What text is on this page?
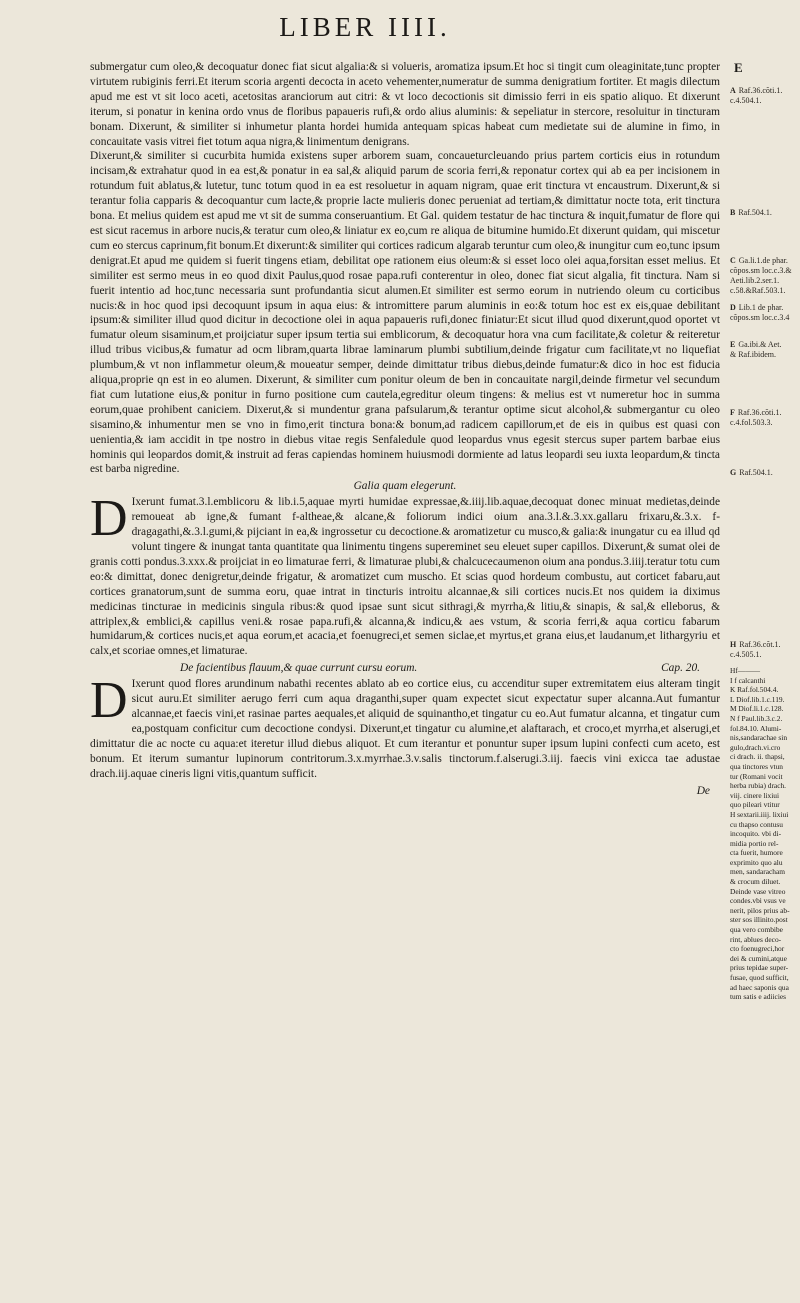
LIBER IIII.
E

submergatur cum oleo,& decoquatur donec fiat sicut algalia:& si volueris, aromatiza ipsum.Et hoc si tingit cum oleaginitate,tunc propter virtutem rubiginis ferri.Et iterum scoria argenti decocta in aceto vehementer,numeratur de summa denigratium fortiter. Et magis dilectum apud me est vt sit loco aceti, acetositas aranciorum aut citri: & vt loco decoctionis sit dimissio ferri in eis spatio aliquo. Et dixerunt iterum, si ponatur in kenina ordo vnus de floribus papaueris rufi,& ordo alius aluminis: & sepeliatur in stercore, resoluitur in tincturam bonam. Dixerunt, & similiter si inhumetur planta hordei humida antequam spicas habeat cum medietate sui de alumine in fimo, in concauitate vasis vitrei fiet totum aqua nigra,& linimentum denigrans.

Dixerunt,& similiter si cucurbita humida existens super arborem suam, concaueturcleuando prius partem corticis eius in rotundum incisam,& extrahatur quod in ea est,& ponatur in ea sal,& aliquid parum de scoria ferri,& reponatur cortex qui ab ea per incisionem in rotundum fuit ablatus,& lutetur, tunc totum quod in ea est resoluetur in aquam nigram, quae erit tinctura vt encaustrum. Dixerunt,& si terantur folia capparis & decoquantur cum lacte,& proprie lacte mulieris donec perueniat ad tertiam,& dimittatur nocte tota, erit tinctura bona. Et melius quidem est apud me vt sit de summa conseruantium. Et Gal. quidem testatur de hac tinctura & inquit,fumatur de flore qui est sicut racemus in arbore nucis,& teratur cum oleo,& liniatur ex eo,cum re aliqua de bitumine humido.Et dixerunt quidam, qui miscetur cum eo stercus caprinum,fit bonum.Et dixerunt:& similiter qui cortices radicum algarab teruntur cum oleo,& inungitur cum eo,tunc ipsum denigrat.Et apud me quidem si fuerit tingens etiam, debilitat ope rationem eius oleum:& si esset loco olei aqua,forsitan esset melius. Et similiter est sermo meus in eo quod dixit Paulus,quod rosae papa.rufi conterentur in oleo, donec fiat sicut algalia, fit tinctura. Nam si fuerit intentio ad hoc,tunc necessaria sunt profundantia sicut alumen.Et similiter est sermo eorum in nutriendo oleum cu corticibus nucis:& in hoc quod ipsi decoquunt ipsum in aqua eius: & intromittere parum aluminis in eo:& totum hoc est ex eis,quae debilitant ipsum:& similiter illud quod dicitur in decoctione olei in aqua papaueris rufi,donec finiatur:Et sicut illud quod dixerunt,quod oportet vt fumatur oleum sisaminum,et proijciatur super ipsum tertia sui emblicorum, & decoquatur hora vna cum facilitate,& coletur & reiteretur illud tribus vicibus,& fumatur ad ocm libram,quarta librae laminarum plumbi subtilium,deinde frigatur cum facilitate,vt no liquefiat plumbum,& vt non inflammetur oleum,& moueatur semper, deinde dimittatur tribus diebus,deinde fumatur:& dico in hoc est fiducia aliqua,proprie qn est in eo alumen. Dixerunt, & similiter cum ponitur oleum de ben in concauitate nargil,deinde firmetur vel secundum fiat cum lutatione eius,& ponitur in furno positione cum cautela,egreditur oleum tingens: & melius est vt numeretur hoc in summa eorum,quae prohibent caniciem. Dixerut,& si mundentur grana pafsularum,& terantur optime sicut alcohol,& submergantur cu oleo sisamino,& inhumentur men se vno in fimo,erit tinctura bona:& bonum,ad radicem capillorum,et de eis in quibus est quasi con uenientia,& iam accidit in tpe nostro in diebus vitae regis Senfaledule quod leopardus vnus egesit stercus super partem barbae eius hominis qui leopardos domit,& instruit ad feras capiendas hominem huiusmodi dormiente ad latus leopardi seu iuxta leopardum,& tincta est barba nigredine.

Galia quam elegerunt.

D Ixerunt fumat.3.l.emblicoru & lib.i.5,aquae myrti humidae expressae,&.iiij.lib.aquae,decoquat donec minuat medietas,deinde remoueat ab igne,& fumant f-altheae,& alcane,& foliorum indici oium ana.3.l.&.3.xx.gallaru frixaru,&.3.x. f-dragagathi,&.3.l.gumi,& pijciant in ea,& ingrossetur cu decoctione.& aromatizetur cu musco,& galia:& inungatur cu ea illud qd volunt tingere & inungat tanta quantitate qua linimentu tingens supereminet seu eleuet super capillos. Dixerunt,& sumat olei de granis cotti pondus.3.xxx.& proijciat in eo limaturae ferri, & limaturae plubi,& chalcucecaumenon oium ana pondus.3.iiij.teratur totu cum eo:& dimittat, donec denigretur,deinde frigatur, & aromatizet cum muscho. Et scias quod hordeum combustu, aut corticet fabaru,aut cortices granatorum,sunt de summa eoru, quae intrat in tincturis introitu alcannae,& sili cortices nucis.Et nos quidem ia diximus medicinas tincturae in medicinis singula ribus:& quod ipsae sunt sicut sithragi,& myrrha,& litiu,& sinapis, & sal,& elleborus, & attriplex,& emblici,& capillus veni.& rosae papa.rufi,& alcanna,& indicu,& aes vstum, & scoria ferri,& aqua corticu fabarum humidarum,& cortices nucis,et aqua eorum,et acacia,et foenugreci,et semen siclae,et myrtus,et grana eius,et laudanum,et lithargyriu et calx,et scoriae omnes,et limaturae.

De facientibus flauum,& quae currunt cursu eorum.	Cap. 20.

D Ixerunt quod flores arundinum nabathi recentes ablato ab eo cortice eius, cu accenditur super extremitatem eius alteram tingit sicut auru.Et similiter aerugo ferri cum aqua draganthi,super quam expectet sicut expectatur super alcanna.Aut fumantur alcannae,et faecis vini,et rasinae partes aequales,et aliquid de squinantho,et tingatur cu eo.Aut fumatur alcanna, et tingatur cum ea,postquam conficitur cum decoctione condysi. Dixerunt,et tingatur cu alumine,et alaftarach, et croco,et myrrha,et alserugi,et dimittatur die ac nocte cu aqua:et iteretur illud diebus aliquot. Et cum iterantur et ponuntur super ipsum lupini confecti cum aceto, est bonum. Et iterum sumantur lupinorum contritorum.3.x.myrrhae.3.v.salis tinctorum.f.alserugi.3.iij. faecis vini exicca tae adustae drach.iij.aquae cineris ligni vitis,quantum sufficit.

De
A Raf.36.cõti.1.
c.4.504.1.
B Raf.504.1.
C Ga.li.1.de phar.
cõpos.sm loc.c.3.& Aeti.lib.2.ser.1.
c.58.&Raf.503.1.
D Lib.1 de phar.
cõpos.sm loc.c.3.4
E Ga.ibi.& Aet.
& Raf.ibidem.
F Raf.36.cõti.1.
c.4.fol.503.3.
G Raf.504.1.
H Raf.36.cõt.1.
c.4.505.1.
Hf———
I f calcanthi
K Raf.fol.504.4.
L Diof.lib.1.c.119.
M Diof.li.1.c.128.
N f Paul.lib.3.c.2.
fol.84.10. Alumi-
nis,sandarachae sin
gulo,drach.vi.cro
ci drach. ii. thapsi,
qua tinctores vtun
tur (Romani vocit
herba rubia) drach.
viij. cinere lixiui
quo pileari vtitur
H sextarii.iiij. lixiui
cu thapso contusu
incoquito. vbi di-
midia portio rel-
cta fuerit, humore
exprimito quo alu
men, sandaracham
& crocum diluet.
Deinde vase vitreo
condes.vbi vsus ve
nerit, pilos prius ab-
ster sos illinito.post
qua vero combibe
rint, ablues deco-
cto foenugreci,hor
dei & cumini,atque
prius tepidae super-
fusae, quod sufficit,
ad haec saponis qua
tum satis e adiicies
